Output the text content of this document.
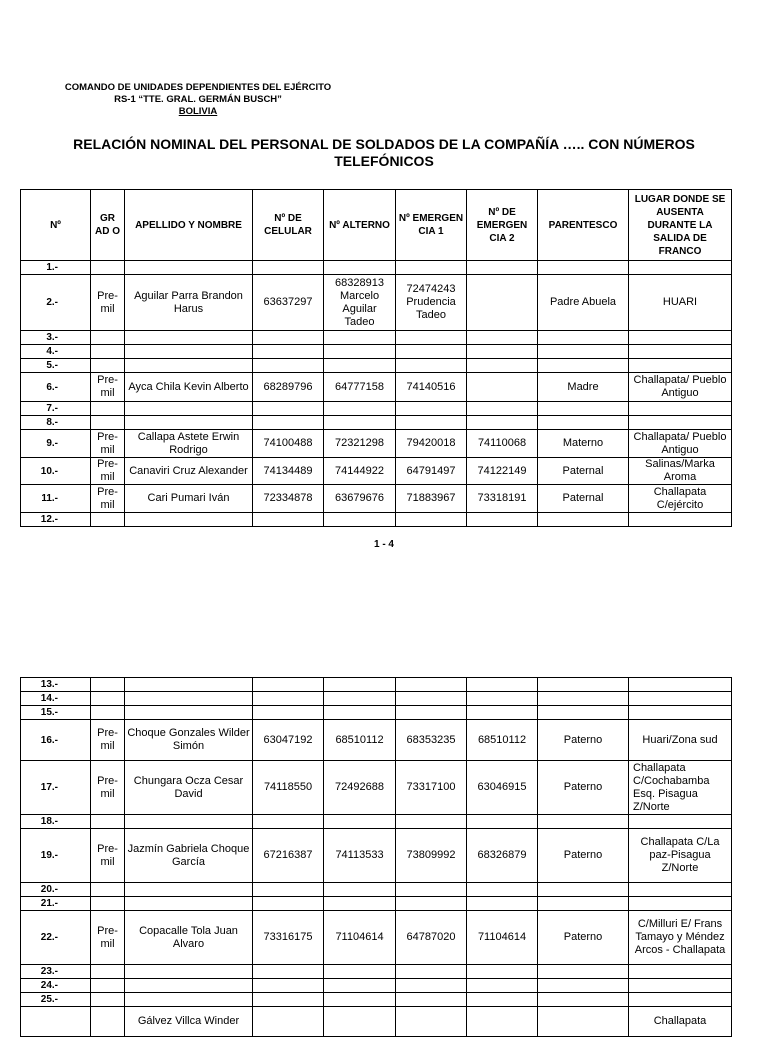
COMANDO DE UNIDADES DEPENDIENTES DEL EJÉRCITO
RS-1 “TTE. GRAL. GERMÁN BUSCH”
BOLIVIA
RELACIÓN NOMINAL DEL PERSONAL DE SOLDADOS DE LA COMPAÑÍA ….. CON NÚMEROS TELEFÓNICOS
Nº	GR AD O	APELLIDO Y NOMBRE	Nº DE CELULAR	Nº ALTERNO	Nº EMERGEN CIA 1	Nº DE EMERGEN CIA 2	PARENTESCO	LUGAR DONDE SE AUSENTA DURANTE LA SALIDA DE FRANCO
1.-								
2.-	Pre-mil	Aguilar Parra Brandon Harus	63637297	68328913 Marcelo Aguilar Tadeo	72474243 Prudencia Tadeo		Padre Abuela	HUARI
3.-								
4.-								
5.-								
6.-	Pre-mil	Ayca Chila Kevin Alberto	68289796	64777158	74140516		Madre	Challapata/ Pueblo Antiguo
7.-								
8.-								
9.-	Pre-mil	Callapa Astete Erwin Rodrigo	74100488	72321298	79420018	74110068	Materno	Challapata/ Pueblo Antiguo
10.-	Pre-mil	Canaviri Cruz Alexander	74134489	74144922	64791497	74122149	Paternal	Salinas/Marka Aroma
11.-	Pre-mil	Cari Pumari Iván	72334878	63679676	71883967	73318191	Paternal	Challapata C/ejército
12.-								
1 - 4
13.-								
14.-								
15.-								
16.-	Pre-mil	Choque Gonzales Wilder Simón	63047192	68510112	68353235	68510112	Paterno	Huari/Zona sud
17.-	Pre-mil	Chungara Ocza Cesar David	74118550	72492688	73317100	63046915	Paterno	Challapata C/Cochabamba Esq. Pisagua Z/Norte
18.-								
19.-	Pre-mil	Jazmín Gabriela Choque García	67216387	74113533	73809992	68326879	Paterno	Challapata C/La paz-Pisagua Z/Norte
20.-								
21.-								
22.-	Pre-mil	Copacalle Tola Juan Alvaro	73316175	71104614	64787020	71104614	Paterno	C/Milluri E/ Frans Tamayo y Méndez Arcos - Challapata
23.-								
24.-								
25.-								
		Gálvez Villca Winder						Challapata
